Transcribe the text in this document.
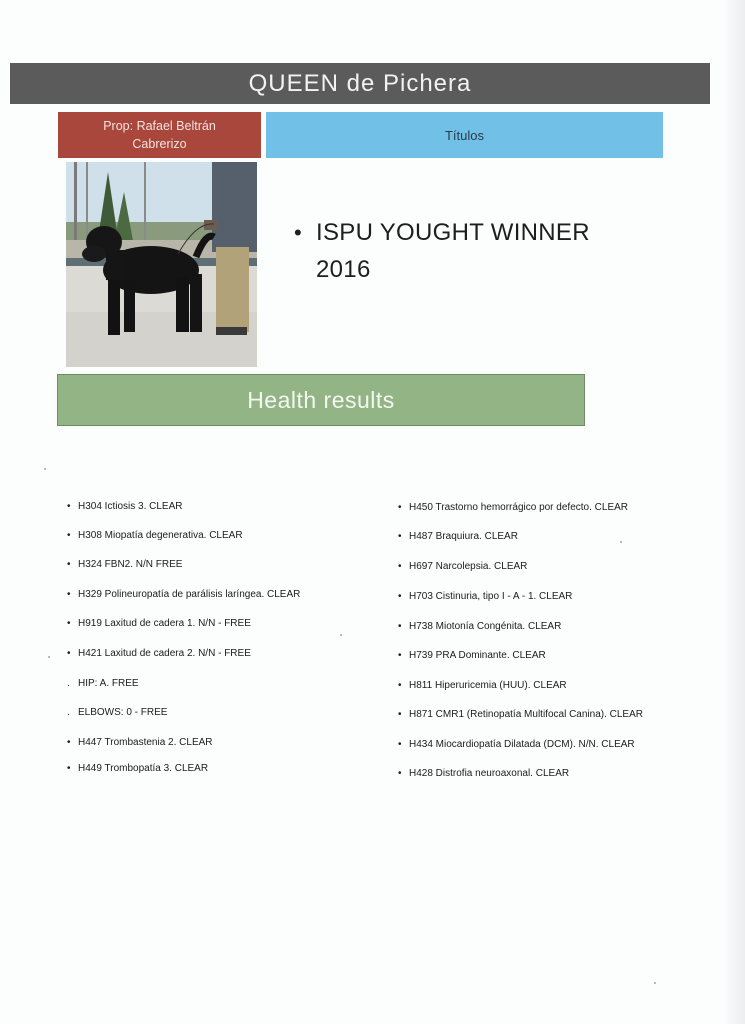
QUEEN de Pichera
Prop: Rafael Beltrán Cabrerizo
Títulos
• ISPU YOUGHT WINNER 2016
Health results
• H304 Ictiosis 3. CLEAR
• H308 Miopatía degenerativa. CLEAR
• H324 FBN2. N/N FREE
• H329 Polineuropatía de parálisis laríngea. CLEAR
• H919 Laxitud de cadera 1. N/N - FREE
• H421 Laxitud de cadera 2. N/N - FREE
. HIP: A. FREE
. ELBOWS: 0 - FREE
• H447 Trombastenia 2. CLEAR
• H449 Trombopatía 3. CLEAR
• H450 Trastorno hemorrágico por defecto. CLEAR
• H487 Braquiura. CLEAR
• H697 Narcolepsia. CLEAR
• H703 Cistinuria, tipo I - A - 1. CLEAR
• H738 Miotonía Congénita. CLEAR
• H739 PRA Dominante. CLEAR
• H811 Hiperuricemia (HUU). CLEAR
• H871 CMR1 (Retinopatía Multifocal Canina). CLEAR
• H434 Miocardiopatía Dilatada (DCM). N/N. CLEAR
• H428 Distrofia neuroaxonal. CLEAR
